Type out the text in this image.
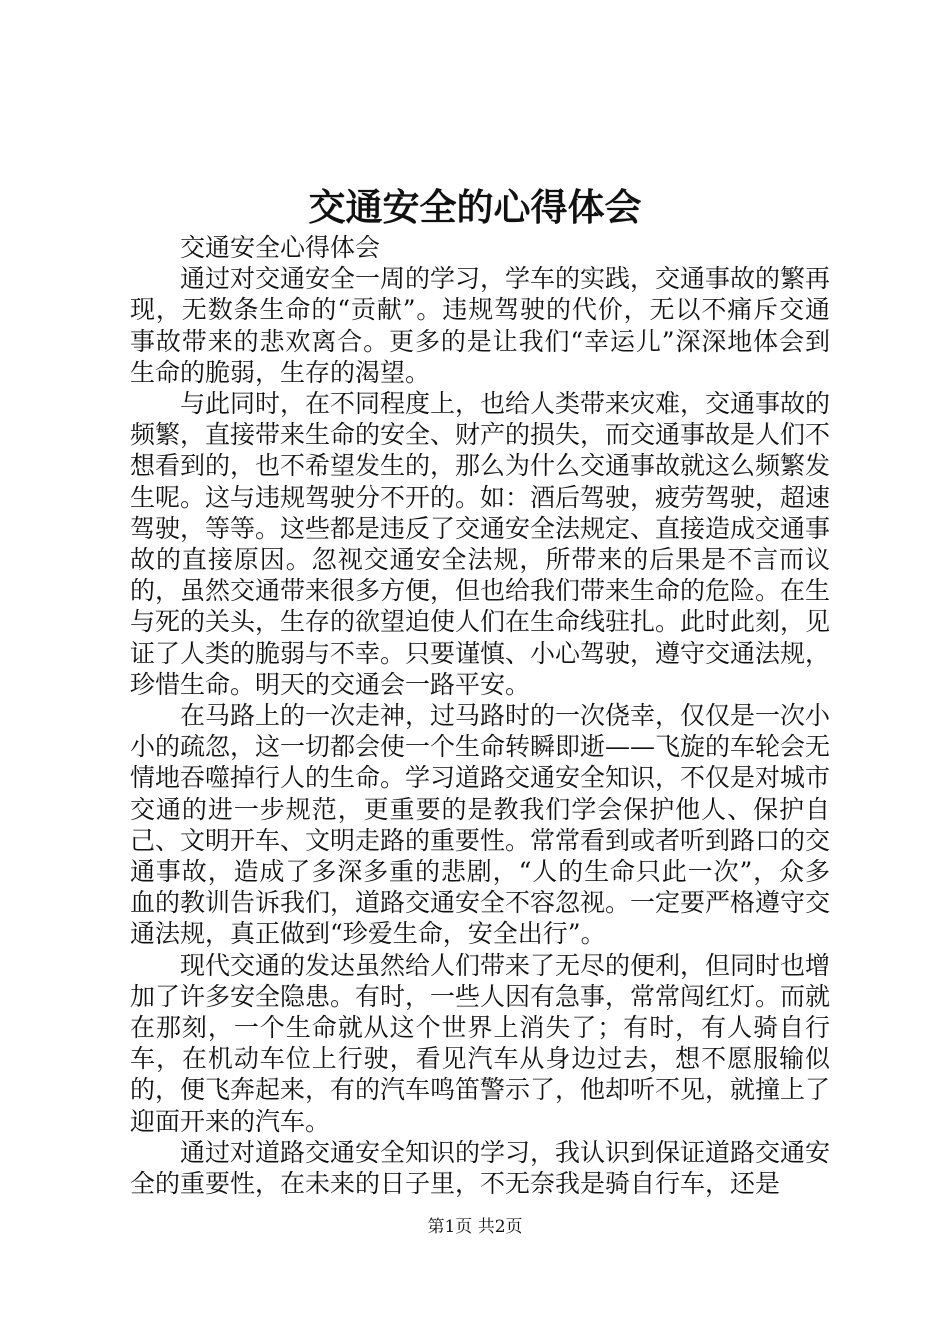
交通安全的心得体会

交通安全心得体会

通过对交通安全一周的学习，学车的实践，交通事故的繁再现，无数条生命的“贡献”。违规驾驶的代价，无以不痛斥交通事故带来的悲欢离合。更多的是让我们“幸运儿”深深地体会到生命的脆弱，生存的渴望。

与此同时，在不同程度上，也给人类带来灾难，交通事故的频繁，直接带来生命的安全、财产的损失，而交通事故是人们不想看到的，也不希望发生的，那么为什么交通事故就这么频繁发生呢。这与违规驾驶分不开的。如：酒后驾驶，疲劳驾驶，超速驾驶，等等。这些都是违反了交通安全法规定、直接造成交通事故的直接原因。忽视交通安全法规，所带来的后果是不言而议的，虽然交通带来很多方便，但也给我们带来生命的危险。在生与死的关头，生存的欲望迫使人们在生命线驻扎。此时此刻，见证了人类的脆弱与不幸。只要谨慎、小心驾驶，遵守交通法规，珍惜生命。明天的交通会一路平安。

在马路上的一次走神，过马路时的一次侥幸，仅仅是一次小小的疏忽，这一切都会使一个生命转瞬即逝——飞旋的车轮会无情地吞噬掉行人的生命。学习道路交通安全知识，不仅是对城市交通的进一步规范，更重要的是教我们学会保护他人、保护自己、文明开车、文明走路的重要性。常常看到或者听到路口的交通事故，造成了多深多重的悲剧，“人的生命只此一次”，众多血的教训告诉我们，道路交通安全不容忽视。一定要严格遵守交通法规，真正做到“珍爱生命，安全出行”。

现代交通的发达虽然给人们带来了无尽的便利，但同时也增加了许多安全隐患。有时，一些人因有急事，常常闯红灯。而就在那刻，一个生命就从这个世界上消失了；有时，有人骑自行车，在机动车位上行驶，看见汽车从身边过去，想不愿服输似的，便飞奔起来，有的汽车鸣笛警示了，他却听不见，就撞上了迎面开来的汽车。

通过对道路交通安全知识的学习，我认识到保证道路交通安全的重要性，在未来的日子里，不无奈我是骑自行车，还是

第1页 共2页
